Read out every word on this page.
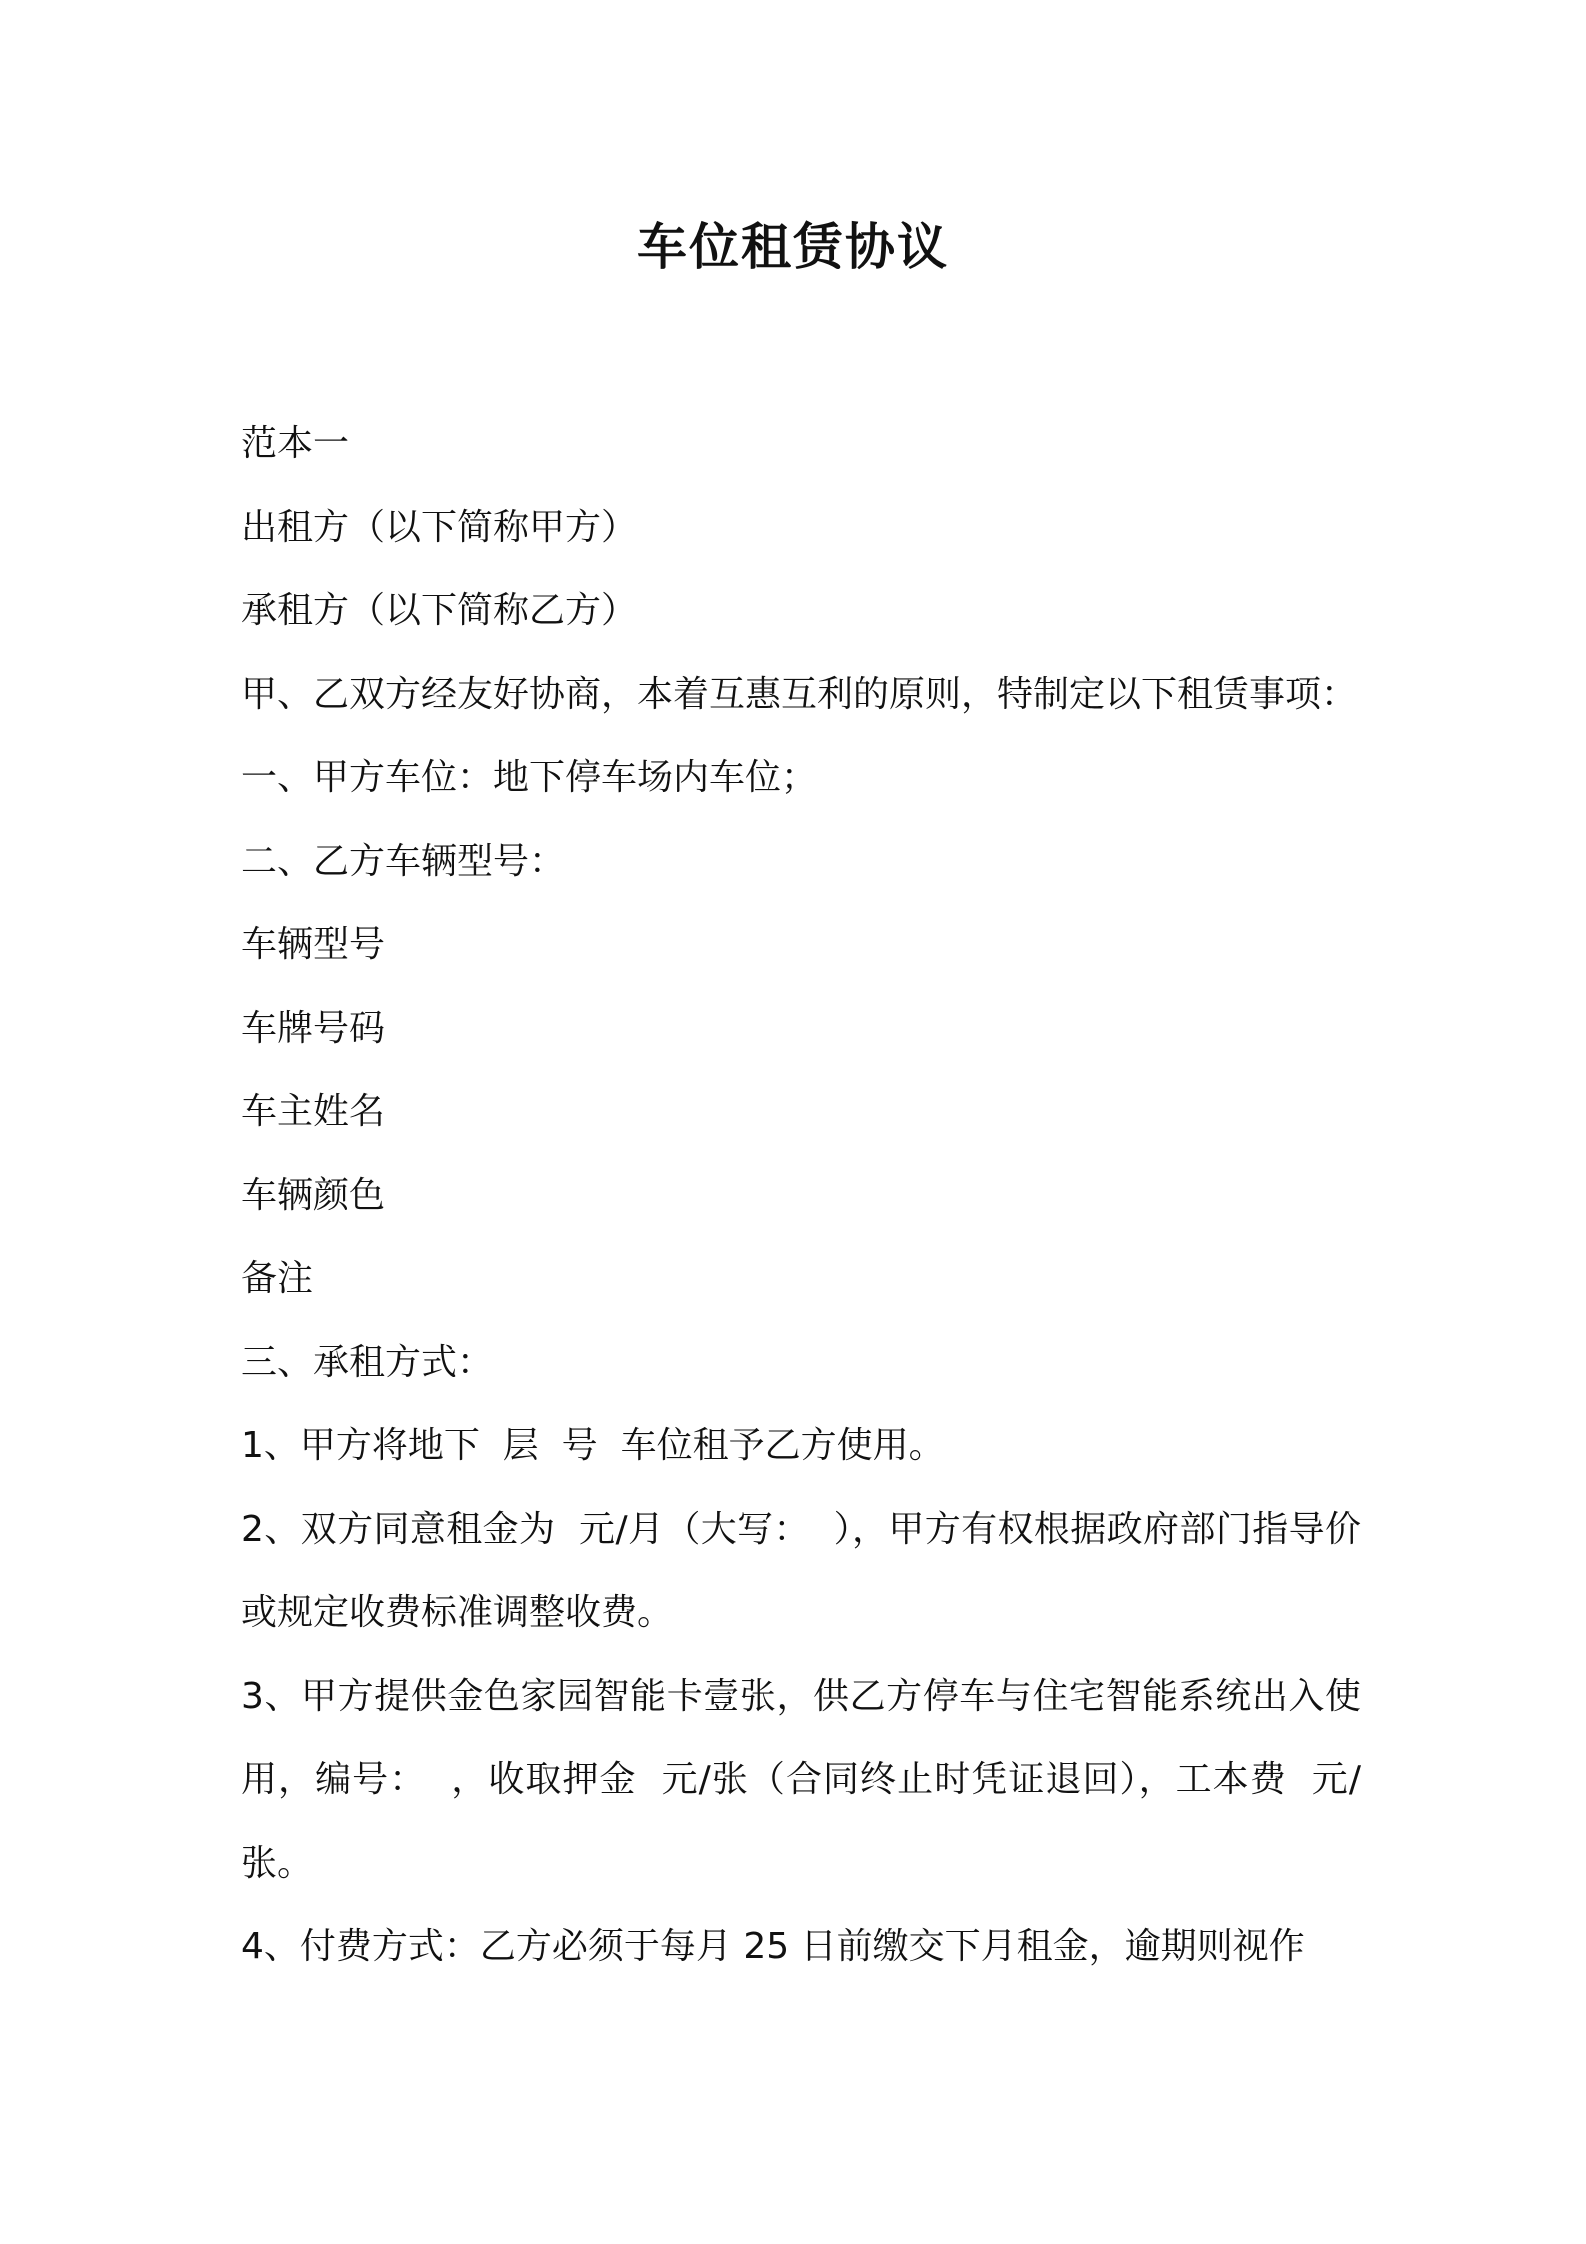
车位租赁协议

范本一

出租方（以下简称甲方）

承租方（以下简称乙方）

甲、乙双方经友好协商，本着互惠互利的原则，特制定以下租赁事项：

一、甲方车位：地下停车场内车位；

二、乙方车辆型号：

车辆型号

车牌号码

车主姓名

车辆颜色

备注

三、承租方式：

1、甲方将地下  层  号  车位租予乙方使用。

2、双方同意租金为  元/月（大写：  ），甲方有权根据政府部门指导价或规定收费标准调整收费。

3、甲方提供金色家园智能卡壹张，供乙方停车与住宅智能系统出入使用，编号：  ，收取押金  元/张（合同终止时凭证退回），工本费  元/张。

4、付费方式：乙方必须于每月 25 日前缴交下月租金，逾期则视作
